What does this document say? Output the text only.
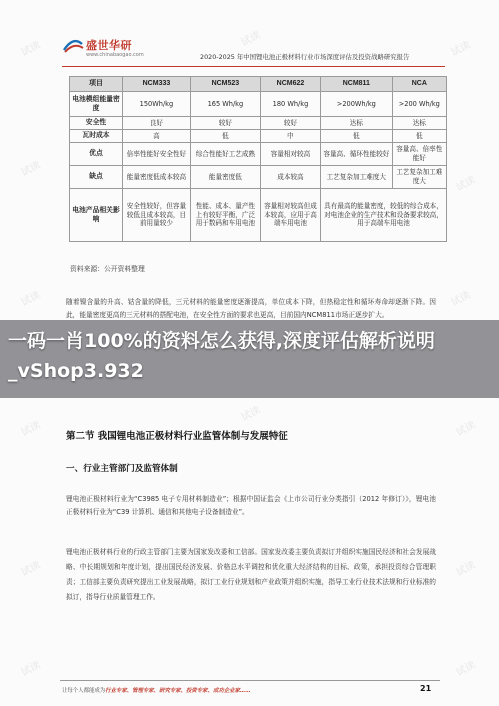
盛世华研
www.chinabaogao.com	2020-2025 年中国锂电池正极材料行业市场深度评估及投资战略研究报告
项目	NCM333	NCM523	NCM622	NCM811	NCA
电池模组能量密度	150Wh/kg	165 Wh/kg	180 Wh/kg	>200Wh/kg	>200 Wh/kg
安全性	良好	较好	较好	达标	达标
瓦时成本	高	低	中	低	低
优点	倍率性能好安全性好	综合性能好工艺成熟	容量相对较高	容量高、循环性能较好	容量高、倍率性能好
缺点	能量密度低成本较高	能量密度低	成本较高	工艺复杂加工难度大	工艺复杂加工难度大
电池产品相关影响	安全性较好，但容量较低且成本较高，目前用量较少	性能、成本、量产性上有较好平衡，广泛用于数码和车用电池	容量相对较高但成本较高，应用于高端车用电池	具有最高的能量密度，较低的综合成本，对电池企业的生产技术和设备要求较高，用于高端车用电池	
资料来源：公开资料整理
随着镍含量的升高、钴含量的降低，三元材料的能量密度逐渐提高，单位成本下降，但热稳定性和循环寿命却逐渐下降。因此，能量密度更高的三元材料的搭配电池，在安全性方面的要求也更高，目前国内NCM811市场正逐步扩大。
一码一肖100%的资料怎么获得,深度评估解析说明_vShop3.932
第二节 我国锂电池正极材料行业监管体制与发展特征
一、行业主管部门及监管体制
锂电池正极材料行业为“C3985 电子专用材料制造业”；根据中国证监会《上市公司行业分类指引（2012 年修订）》，锂电池正极材料行业为“C39 计算机、通信和其他电子设备制造业”。
锂电池正极材料行业的行政主管部门主要为国家发改委和工信部。国家发改委主要负责拟订并组织实施国民经济和社会发展战略、中长期规划和年度计划，提出国民经济发展、价格总水平调控和优化重大经济结构的目标、政策，承担投资综合管理职责；工信部主要负责研究提出工业发展战略，拟订工业行业规划和产业政策并组织实施，指导工业行业技术法规和行业标准的拟订，指导行业质量管理工作。
让每个人都能成为行业专家、管理专家、研究专家、投资专家、成功企业家……	21
试读
试读
试读
试读
试读
试读	试读
试读
试读
试读
试读	试读
试读	试读
